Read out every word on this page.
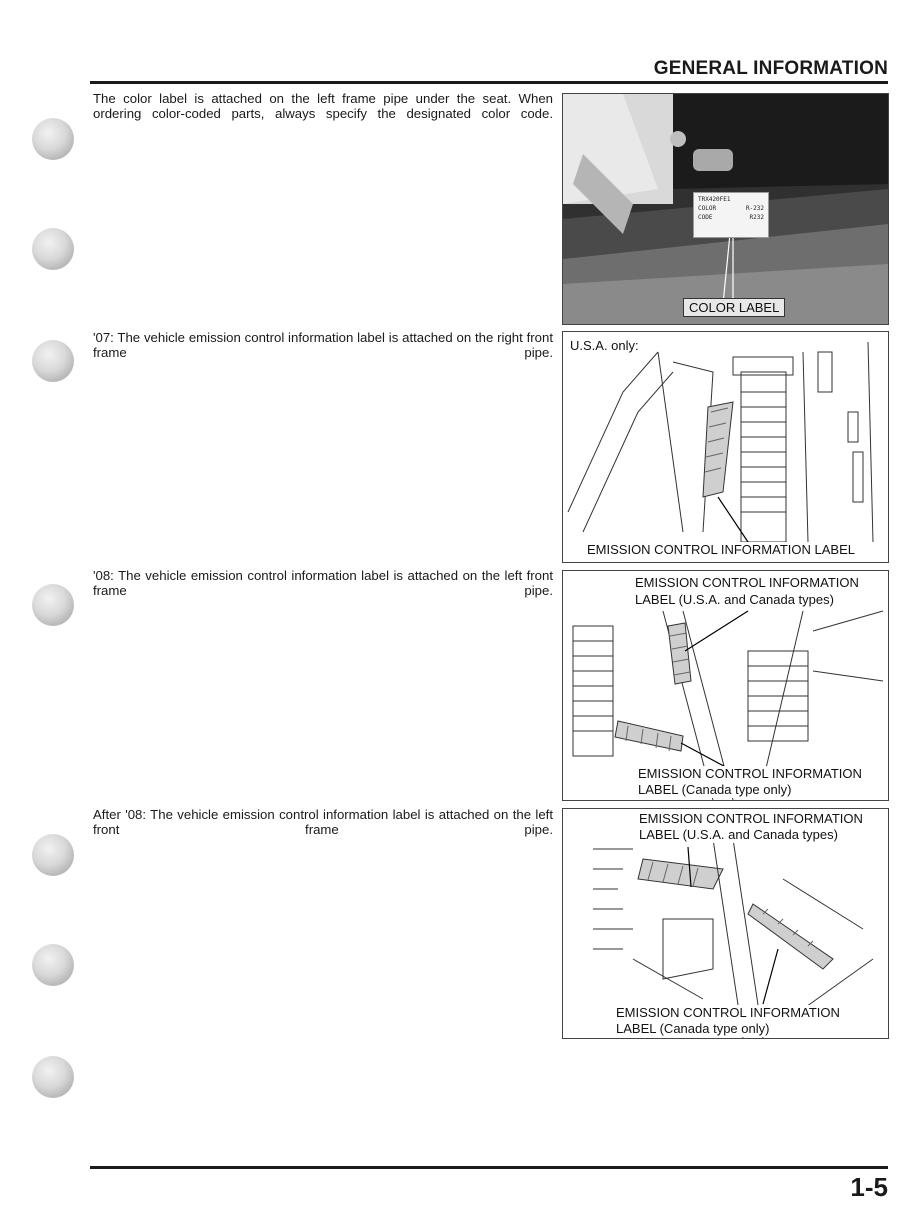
GENERAL INFORMATION
The color label is attached on the left frame pipe under the seat. When ordering color-coded parts, always specify the designated color code.
'07: The vehicle emission control information label is attached on the right front frame pipe.
'08: The vehicle emission control information label is attached on the left front frame pipe.
After '08: The vehicle emission control information label is attached on the left front frame pipe.
TRX420FE1
COLOR	R-232
CODE	R232
COLOR LABEL
U.S.A. only:
EMISSION CONTROL INFORMATION LABEL
EMISSION CONTROL INFORMATION
LABEL (U.S.A. and Canada types)
EMISSION CONTROL INFORMATION
LABEL (Canada type only)
EMISSION CONTROL INFORMATION
LABEL (U.S.A. and Canada types)
EMISSION CONTROL INFORMATION
LABEL (Canada type only)
1-5
